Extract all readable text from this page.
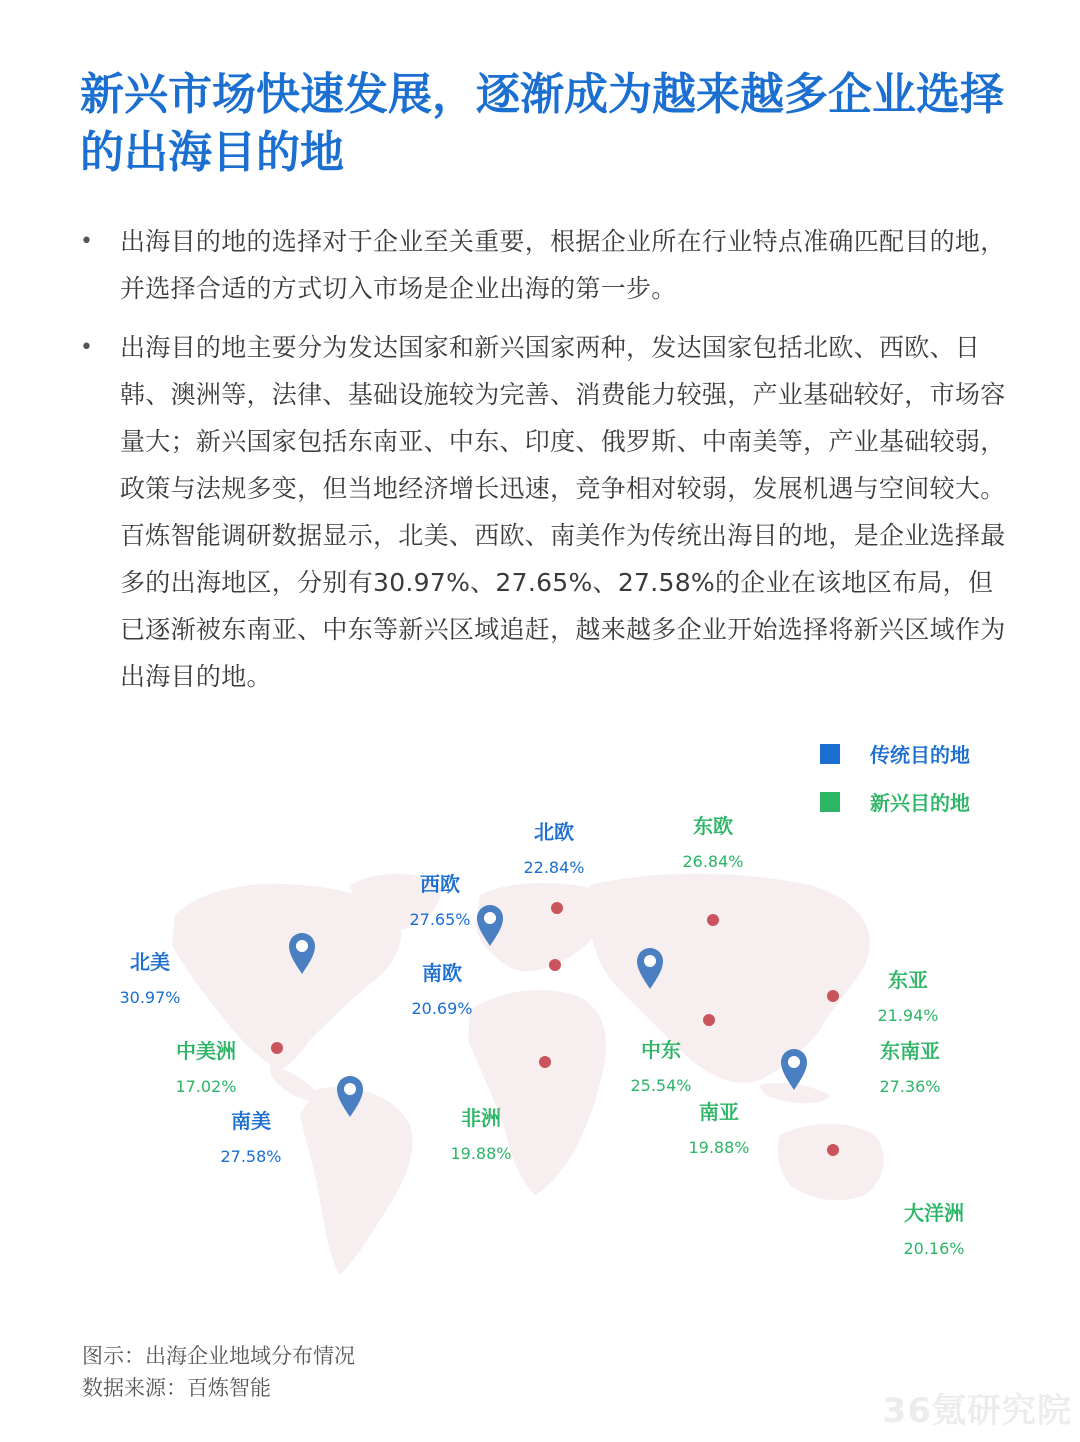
新兴市场快速发展，逐渐成为越来越多企业选择的出海目的地
• 出海目的地的选择对于企业至关重要，根据企业所在行业特点准确匹配目的地，并选择合适的方式切入市场是企业出海的第一步。
• 出海目的地主要分为发达国家和新兴国家两种，发达国家包括北欧、西欧、日韩、澳洲等，法律、基础设施较为完善、消费能力较强，产业基础较好，市场容量大；新兴国家包括东南亚、中东、印度、俄罗斯、中南美等，产业基础较弱，政策与法规多变，但当地经济增长迅速，竞争相对较弱，发展机遇与空间较大。百炼智能调研数据显示，北美、西欧、南美作为传统出海目的地，是企业选择最多的出海地区，分别有30.97%、27.65%、27.58%的企业在该地区布局，但已逐渐被东南亚、中东等新兴区域追赶，越来越多企业开始选择将新兴区域作为出海目的地。
传统目的地
新兴目的地
北美
30.97%
西欧
27.65%
北欧
22.84%
东欧
26.84%
南欧
20.69%
东亚
21.94%
中美洲
17.02%
中东
25.54%
东南亚
27.36%
南美
27.58%
非洲
19.88%
南亚
19.88%
大洋洲
20.16%
图示：出海企业地域分布情况
数据来源：百炼智能
36氪研究院
